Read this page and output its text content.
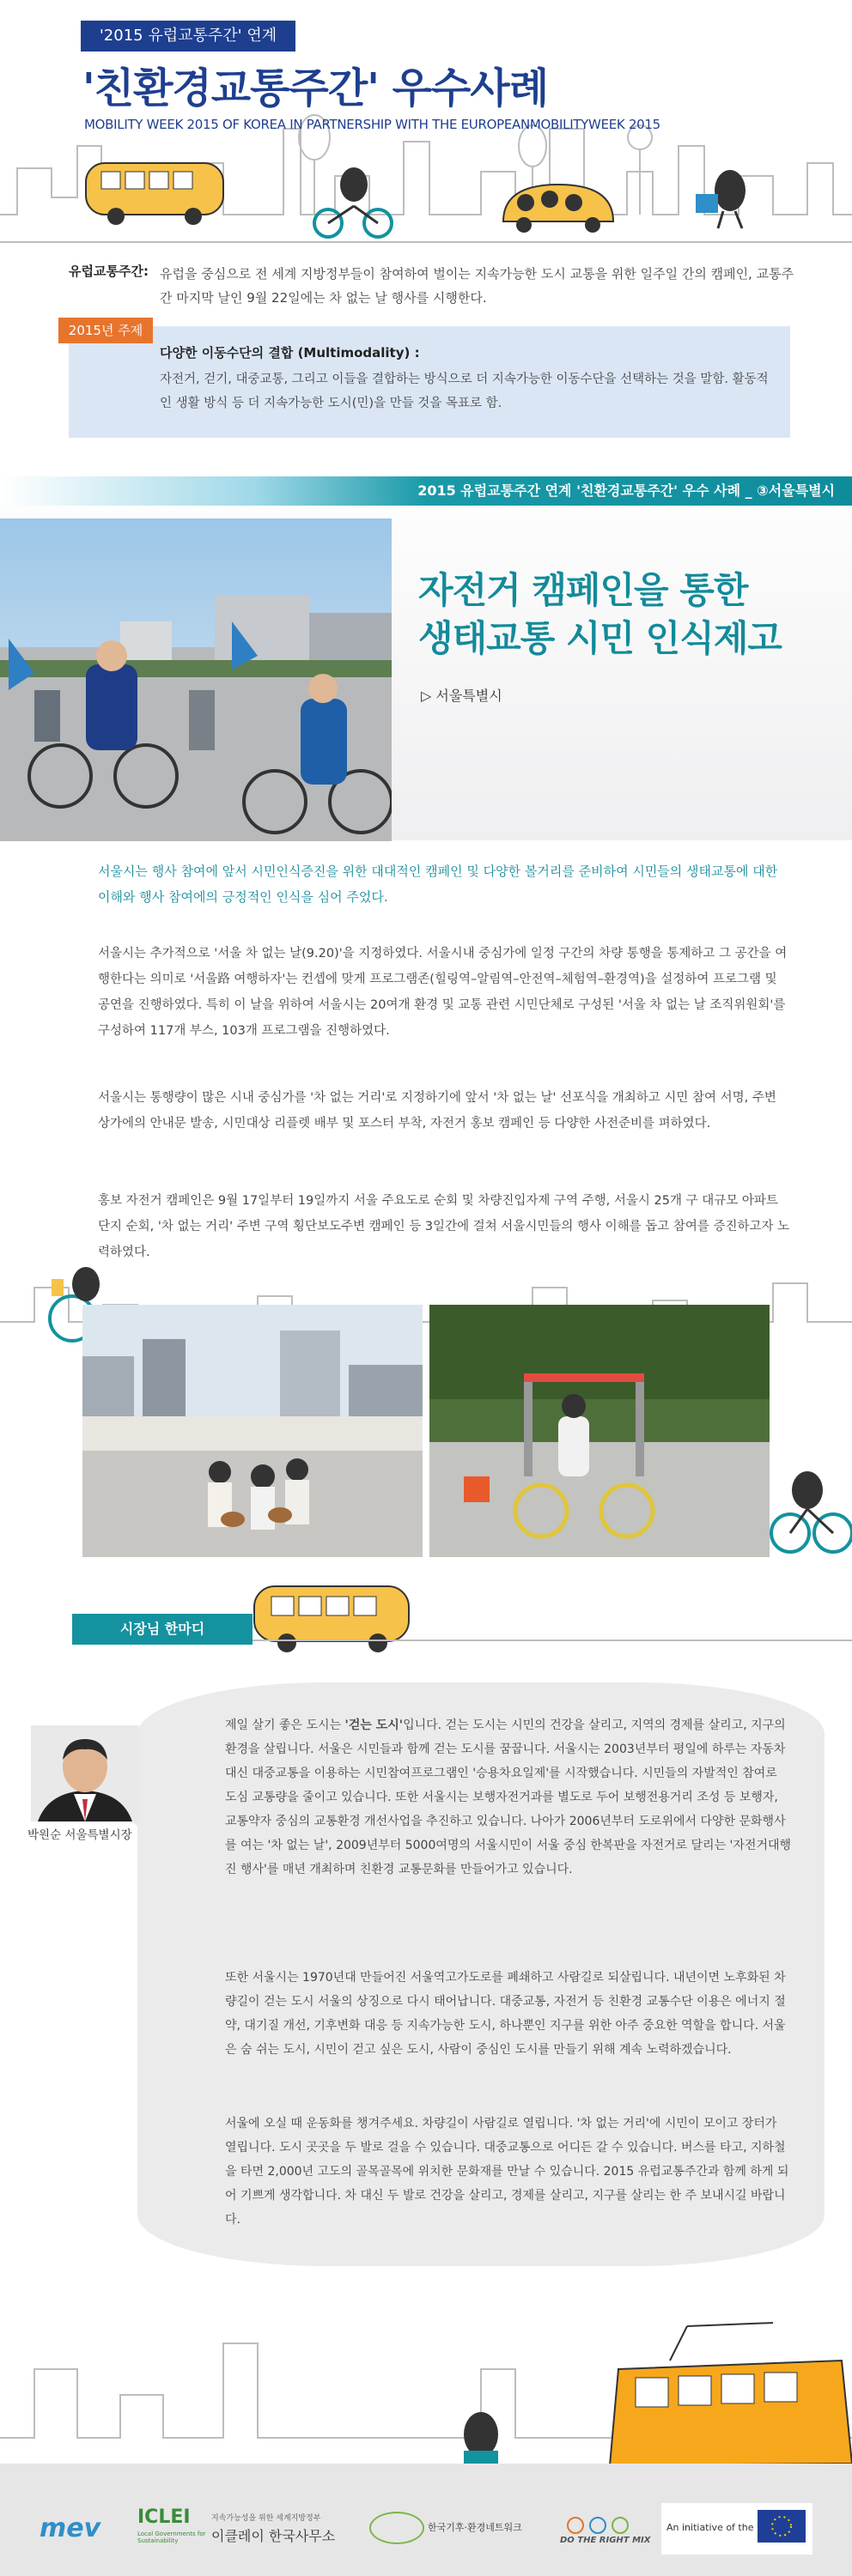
'2015 유럽교통주간' 연계
'친환경교통주간' 우수사례
MOBILITY WEEK 2015 OF KOREA IN PARTNERSHIP WITH THE EUROPEANMOBILITYWEEK 2015
유럽교통주간: 유럽을 중심으로 전 세계 지방정부들이 참여하여 벌이는 지속가능한 도시 교통을 위한 일주일 간의 캠페인, 교통주간 마지막 날인 9월 22일에는 차 없는 날 행사를 시행한다.
2015년 주제
다양한 이동수단의 결합 (Multimodality) :
자전거, 걷기, 대중교통, 그리고 이들을 결합하는 방식으로 더 지속가능한 이동수단을 선택하는 것을 말함. 활동적인 생활 방식 등 더 지속가능한 도시(민)을 만들 것을 목표로 함.
2015 유럽교통주간 연계 '친환경교통주간' 우수 사례 _ ③서울특별시
자전거 캠페인을 통한
생태교통 시민 인식제고
▷ 서울특별시
서울시는 행사 참여에 앞서 시민인식증진을 위한 대대적인 캠페인 및 다양한 볼거리를 준비하여 시민들의 생태교통에 대한 이해와 행사 참여에의 긍정적인 인식을 심어 주었다.
서울시는 추가적으로 '서울 차 없는 날(9.20)'을 지정하였다. 서울시내 중심가에 일정 구간의 차량 통행을 통제하고 그 공간을 여행한다는 의미로 '서울路 여행하자'는 컨셉에 맞게 프로그램존(힐링역–알림역–안전역–체험역–환경역)을 설정하여 프로그램 및 공연을 진행하였다. 특히 이 날을 위하여 서울시는 20여개 환경 및 교통 관련 시민단체로 구성된 '서울 차 없는 날 조직위원회'를 구성하여 117개 부스, 103개 프로그램을 진행하였다.
서울시는 통행량이 많은 시내 중심가를 '차 없는 거리'로 지정하기에 앞서 '차 없는 날' 선포식을 개최하고 시민 참여 서명, 주변 상가에의 안내문 발송, 시민대상 리플렛 배부 및 포스터 부착, 자전거 홍보 캠페인 등 다양한 사전준비를 펴하였다.
홍보 자전거 캠페인은 9월 17일부터 19일까지 서울 주요도로 순회 및 차량진입자제 구역 주행, 서울시 25개 구 대규모 아파트 단지 순회, '차 없는 거리' 주변 구역 횡단보도주변 캠페인 등 3일간에 걸쳐 서울시민들의 행사 이해를 돕고 참여를 증진하고자 노력하였다.
시장님 한마디
박원순 서울특별시장
제일 살기 좋은 도시는 '걷는 도시'입니다. 걷는 도시는 시민의 건강을 살리고, 지역의 경제를 살리고, 지구의 환경을 살립니다. 서울은 시민들과 함께 걷는 도시를 꿈꿉니다. 서울시는 2003년부터 평일에 하루는 자동차 대신 대중교통을 이용하는 시민참여프로그램인 '승용차요일제'를 시작했습니다. 시민들의 자발적인 참여로 도심 교통량을 줄이고 있습니다. 또한 서울시는 보행자전거과를 별도로 두어 보행전용거리 조성 등 보행자, 교통약자 중심의 교통환경 개선사업을 추진하고 있습니다. 나아가 2006년부터 도로위에서 다양한 문화행사를 여는 '차 없는 날', 2009년부터 5000여명의 서울시민이 서울 중심 한복판을 자전거로 달리는 '자전거대행진 행사'를 매년 개최하며 친환경 교통문화를 만들어가고 있습니다.
또한 서울시는 1970년대 만들어진 서울역고가도로를 폐쇄하고 사람길로 되살립니다. 내년이면 노후화된 차량길이 걷는 도시 서울의 상징으로 다시 태어납니다. 대중교통, 자전거 등 친환경 교통수단 이용은 에너지 절약, 대기질 개선, 기후변화 대응 등 지속가능한 도시, 하나뿐인 지구를 위한 아주 중요한 역할을 합니다. 서울은 숨 쉬는 도시, 시민이 걷고 싶은 도시, 사람이 중심인 도시를 만들기 위해 계속 노력하겠습니다.
서울에 오실 때 운동화를 챙겨주세요. 차량길이 사람길로 열립니다. '차 없는 거리'에 시민이 모이고 장터가 열립니다. 도시 곳곳을 두 발로 걸을 수 있습니다. 대중교통으로 어디든 갈 수 있습니다. 버스를 타고, 지하철을 타면 2,000년 고도의 골목골목에 위치한 문화재를 만날 수 있습니다. 2015 유럽교통주간과 함께 하게 되어 기쁘게 생각합니다. 차 대신 두 발로 건강을 살리고, 경제를 살리고, 지구를 살리는 한 주 보내시길 바랍니다.
mev ICLEI
Local Governments for Sustainability
지속가능성을 위한 세계지방정부
이클레이 한국사무소
한국기후·환경네트워크
DO THE RIGHT MIX
An initiative of the
